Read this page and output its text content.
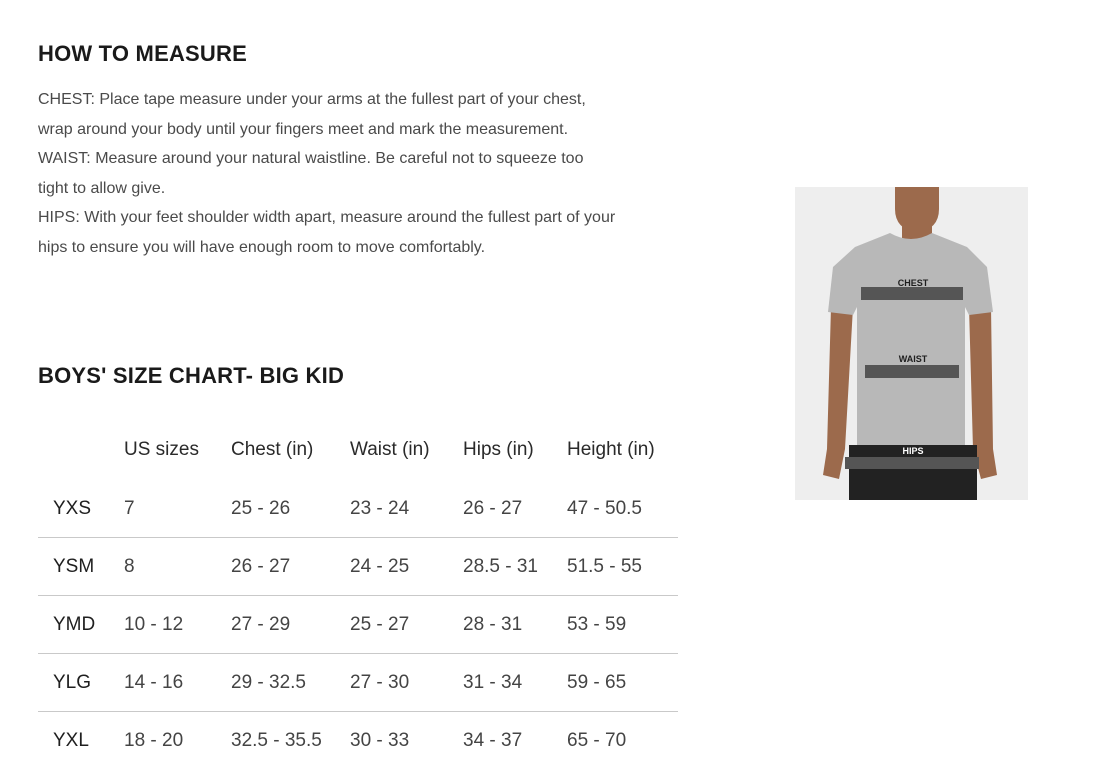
HOW TO MEASURE

CHEST: Place tape measure under your arms at the fullest part of your chest, wrap around your body until your fingers meet and mark the measurement.

WAIST: Measure around your natural waistline. Be careful not to squeeze too tight to allow give.

HIPS: With your feet shoulder width apart, measure around the fullest part of your hips to ensure you will have enough room to move comfortably.

BOYS' SIZE CHART- BIG KID
	US sizes	Chest (in)	Waist (in)	Hips (in)	Height (in)
YXS	7	25 - 26	23 - 24	26 - 27	47 - 50.5
YSM	8	26 - 27	24 - 25	28.5 - 31	51.5 - 55
YMD	10 - 12	27 - 29	25 - 27	28 - 31	53 - 59
YLG	14 - 16	29 - 32.5	27 - 30	31 - 34	59 - 65
YXL	18 - 20	32.5 - 35.5	30 - 33	34 - 37	65 - 70
CHEST
WAIST
HIPS
